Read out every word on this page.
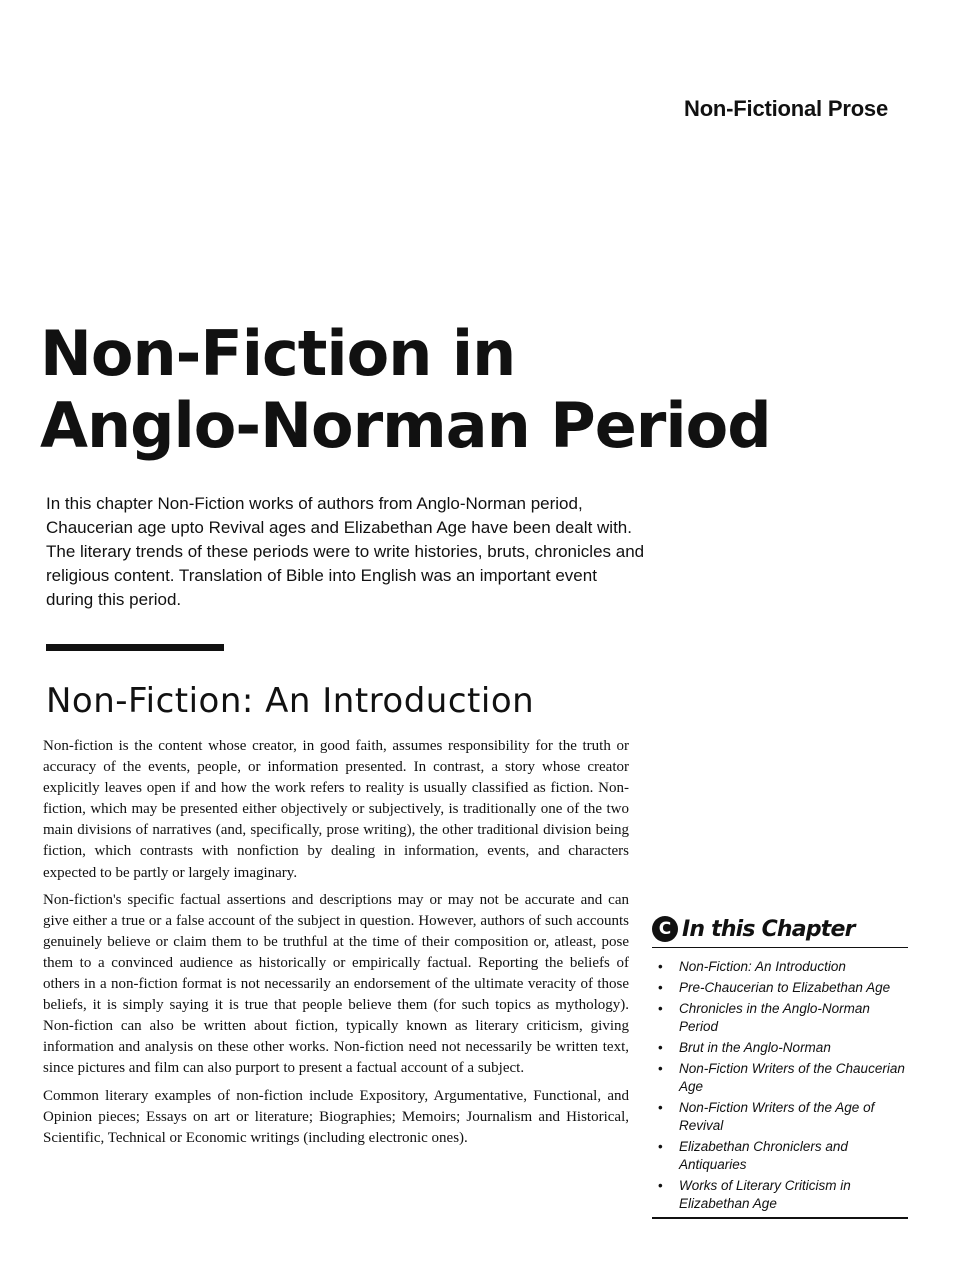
Non-Fictional Prose
Non-Fiction in
Anglo-Norman Period

In this chapter Non-Fiction works of authors from Anglo-Norman period, Chaucerian age upto Revival ages and Elizabethan Age have been dealt with. The literary trends of these periods were to write histories, bruts, chronicles and religious content. Translation of Bible into English was an important event during this period.

Non-Fiction: An Introduction

Non-fiction is the content whose creator, in good faith, assumes responsibility for the truth or accuracy of the events, people, or information presented. In contrast, a story whose creator explicitly leaves open if and how the work refers to reality is usually classified as fiction. Non-fiction, which may be presented either objectively or subjectively, is traditionally one of the two main divisions of narratives (and, specifically, prose writing), the other traditional division being fiction, which contrasts with nonfiction by dealing in information, events, and characters expected to be partly or largely imaginary.

Non-fiction's specific factual assertions and descriptions may or may not be accurate and can give either a true or a false account of the subject in question. However, authors of such accounts genuinely believe or claim them to be truthful at the time of their composition or, atleast, pose them to a convinced audience as historically or empirically factual. Reporting the beliefs of others in a non-fiction format is not necessarily an endorsement of the ultimate veracity of those beliefs, it is simply saying it is true that people believe them (for such topics as mythology). Non-fiction can also be written about fiction, typically known as literary criticism, giving information and analysis on these other works. Non-fiction need not necessarily be written text, since pictures and film can also purport to present a factual account of a subject.

Common literary examples of non-fiction include Expository, Argumentative, Functional, and Opinion pieces; Essays on art or literature; Biographies; Memoirs; Journalism and Historical, Scientific, Technical or Economic writings (including electronic ones).

C In this Chapter
• Non-Fiction: An Introduction
• Pre-Chaucerian to Elizabethan Age
• Chronicles in the Anglo-Norman Period
• Brut in the Anglo-Norman
• Non-Fiction Writers of the Chaucerian Age
• Non-Fiction Writers of the Age of Revival
• Elizabethan Chroniclers and Antiquaries
• Works of Literary Criticism in Elizabethan Age
